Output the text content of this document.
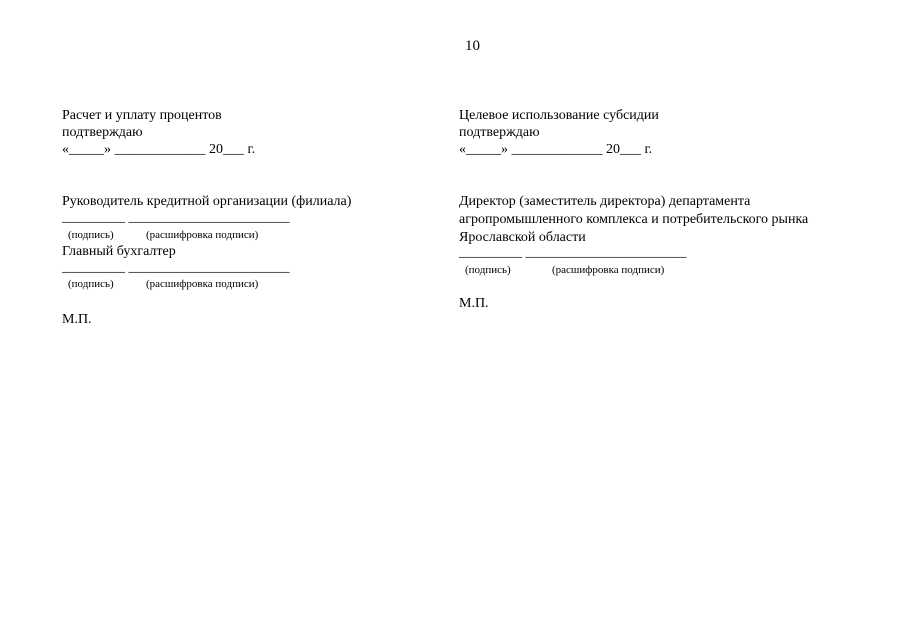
10
Расчет и уплату процентов
подтверждаю
«_____» _____________ 20___ г.
Руководитель кредитной организации (филиала)
_________ _______________________
(подпись)	(расшифровка подписи)
Главный бухгалтер
_________ _______________________
(подпись)	(расшифровка подписи)
М.П.
Целевое использование субсидии
подтверждаю
«_____» _____________ 20___ г.
Директор (заместитель директора) департамента
агропромышленного комплекса и потребительского рынка
Ярославской области
_________ _______________________
(подпись)	(расшифровка подписи)
М.П.
